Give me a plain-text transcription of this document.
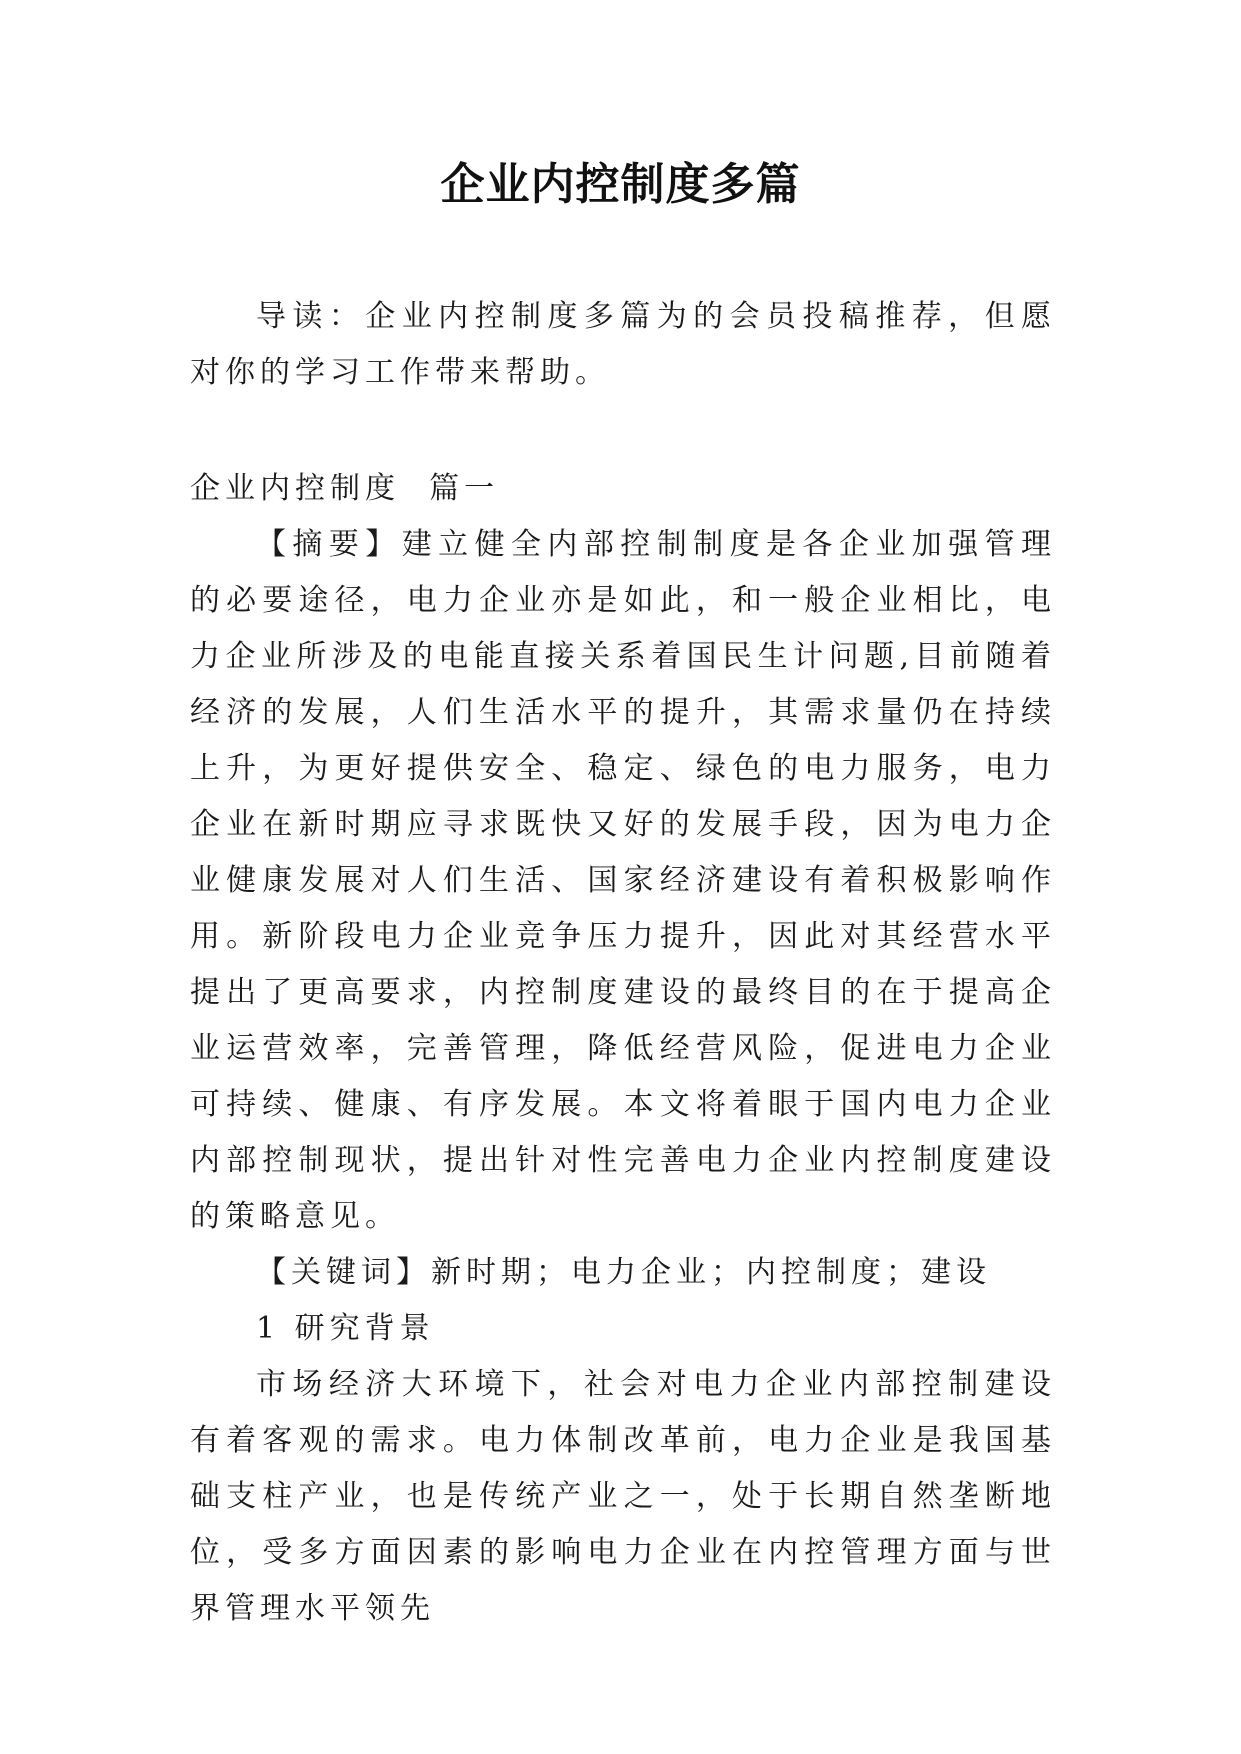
企业内控制度多篇

导读：企业内控制度多篇为的会员投稿推荐，但愿对你的学习工作带来帮助。

企业内控制度  篇一

【摘要】建立健全内部控制制度是各企业加强管理的必要途径，电力企业亦是如此，和一般企业相比，电力企业所涉及的电能直接关系着国民生计问题,目前随着经济的发展，人们生活水平的提升，其需求量仍在持续上升，为更好提供安全、稳定、绿色的电力服务，电力企业在新时期应寻求既快又好的发展手段，因为电力企业健康发展对人们生活、国家经济建设有着积极影响作用。新阶段电力企业竞争压力提升，因此对其经营水平提出了更高要求，内控制度建设的最终目的在于提高企业运营效率，完善管理，降低经营风险，促进电力企业可持续、健康、有序发展。本文将着眼于国内电力企业内部控制现状，提出针对性完善电力企业内控制度建设的策略意见。

【关键词】新时期；电力企业；内控制度；建设

1 研究背景

市场经济大环境下，社会对电力企业内部控制建设有着客观的需求。电力体制改革前，电力企业是我国基础支柱产业，也是传统产业之一，处于长期自然垄断地位，受多方面因素的影响电力企业在内控管理方面与世界管理水平领先
